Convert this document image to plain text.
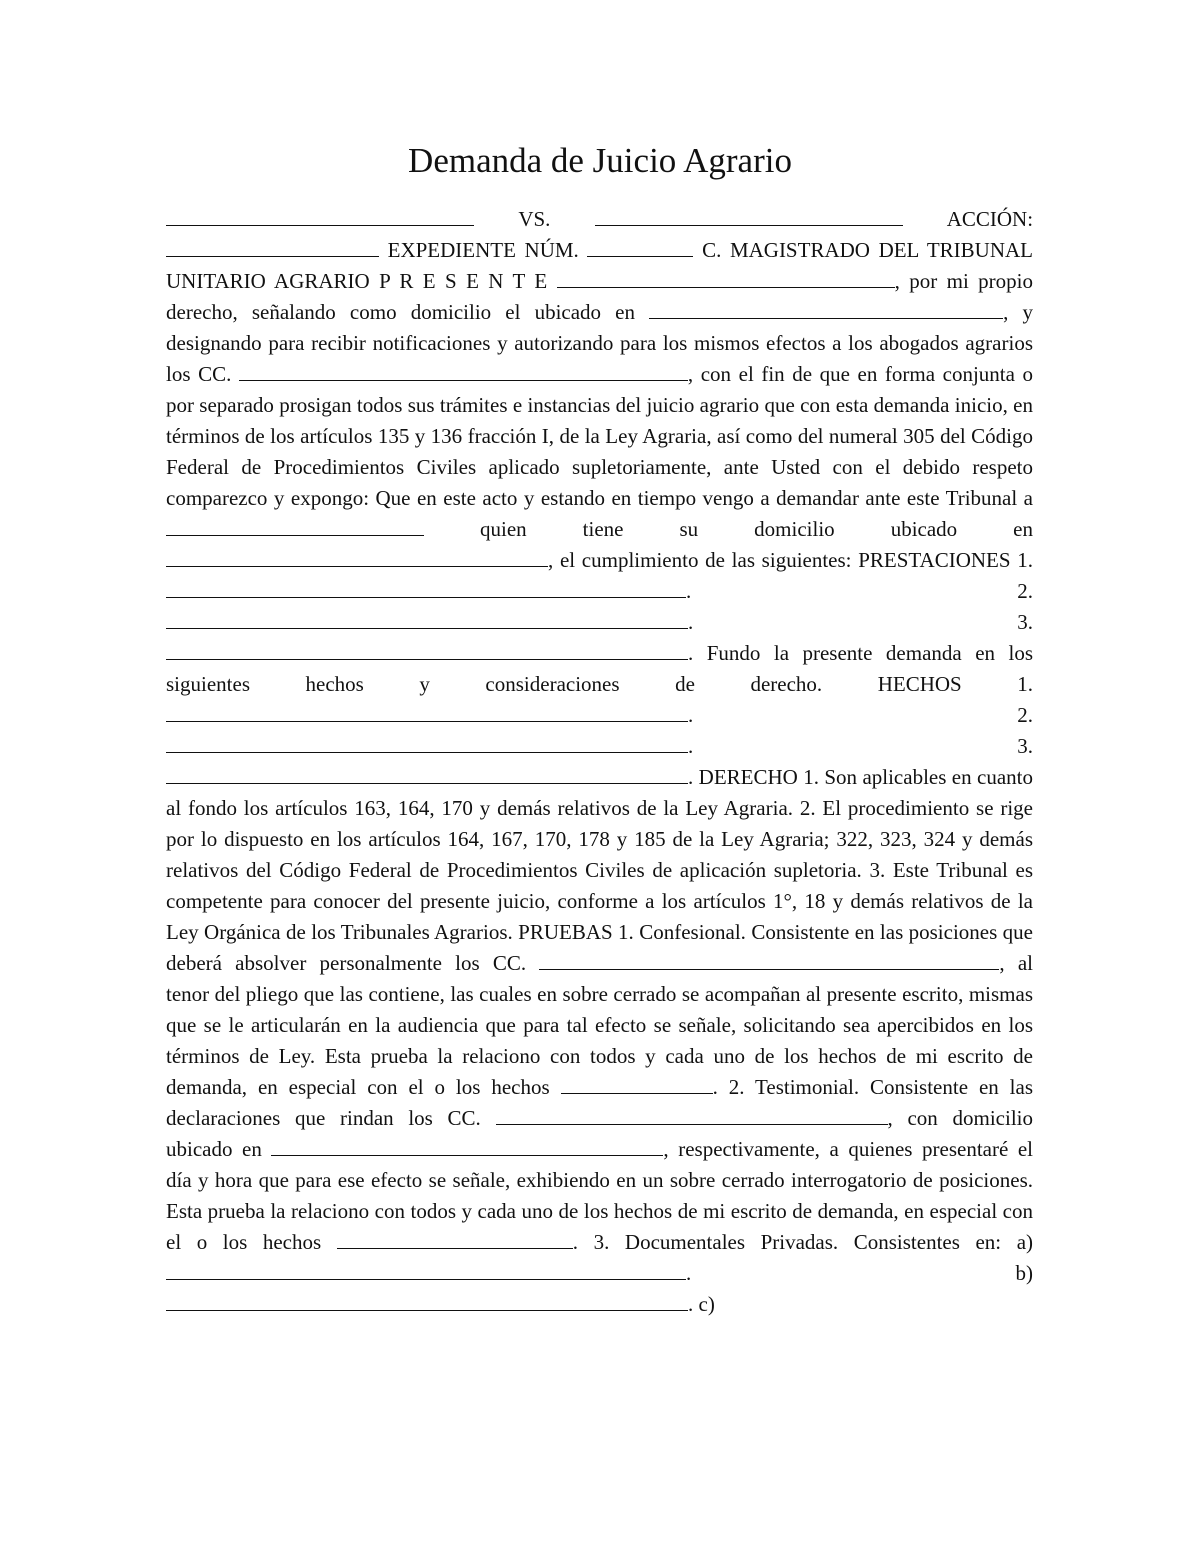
Demanda de Juicio Agrario

VS.	ACCIÓN:  EXPEDIENTE NÚM.	C. MAGISTRADO DEL TRIBUNAL UNITARIO AGRARIO P R E S E N T E	, por mi propio derecho, señalando como domicilio el ubicado en	, y designando para recibir notificaciones y autorizando para los mismos efectos a los abogados agrarios los CC.	, con el fin de que en forma conjunta o por separado prosigan todos sus trámites e instancias del juicio agrario que con esta demanda inicio, en términos de los artículos 135 y 136 fracción I, de la Ley Agraria, así como del numeral 305 del Código Federal de Procedimientos Civiles aplicado supletoriamente, ante Usted con el debido respeto comparezco y expongo: Que en este acto y estando en tiempo vengo a demandar ante este Tribunal a  quien tiene su domicilio ubicado en , el cumplimiento de las siguientes: PRESTACIONES 1. .	2. .	3. . Fundo la presente demanda en los siguientes hechos y consideraciones de derecho. HECHOS	1. .	2. .	3. . DERECHO 1. Son aplicables en cuanto al fondo los artículos 163, 164, 170 y demás relativos de la Ley Agraria. 2. El procedimiento se rige por lo dispuesto en los artículos 164, 167, 170, 178 y 185 de la Ley Agraria; 322, 323, 324 y demás relativos del Código Federal de Procedimientos Civiles de aplicación supletoria. 3. Este Tribunal es competente para conocer del presente juicio, conforme a los artículos 1°, 18 y demás relativos de la Ley Orgánica de los Tribunales Agrarios. PRUEBAS 1. Confesional. Consistente en las posiciones que deberá absolver personalmente los CC.	, al tenor del pliego que las contiene, las cuales en sobre cerrado se acompañan al presente escrito, mismas que se le articularán en la audiencia que para tal efecto se señale, solicitando sea apercibidos en los términos de Ley. Esta prueba la relaciono con todos y cada uno de los hechos de mi escrito de demanda, en especial con el o los hechos	. 2. Testimonial. Consistente en las declaraciones que rindan los CC.	, con domicilio ubicado en	, respectivamente, a quienes presentaré el día y hora que para ese efecto se señale, exhibiendo en un sobre cerrado interrogatorio de posiciones. Esta prueba la relaciono con todos y cada uno de los hechos de mi escrito de demanda, en especial con el o los hechos	. 3. Documentales Privadas. Consistentes en: a) . b) . c)
